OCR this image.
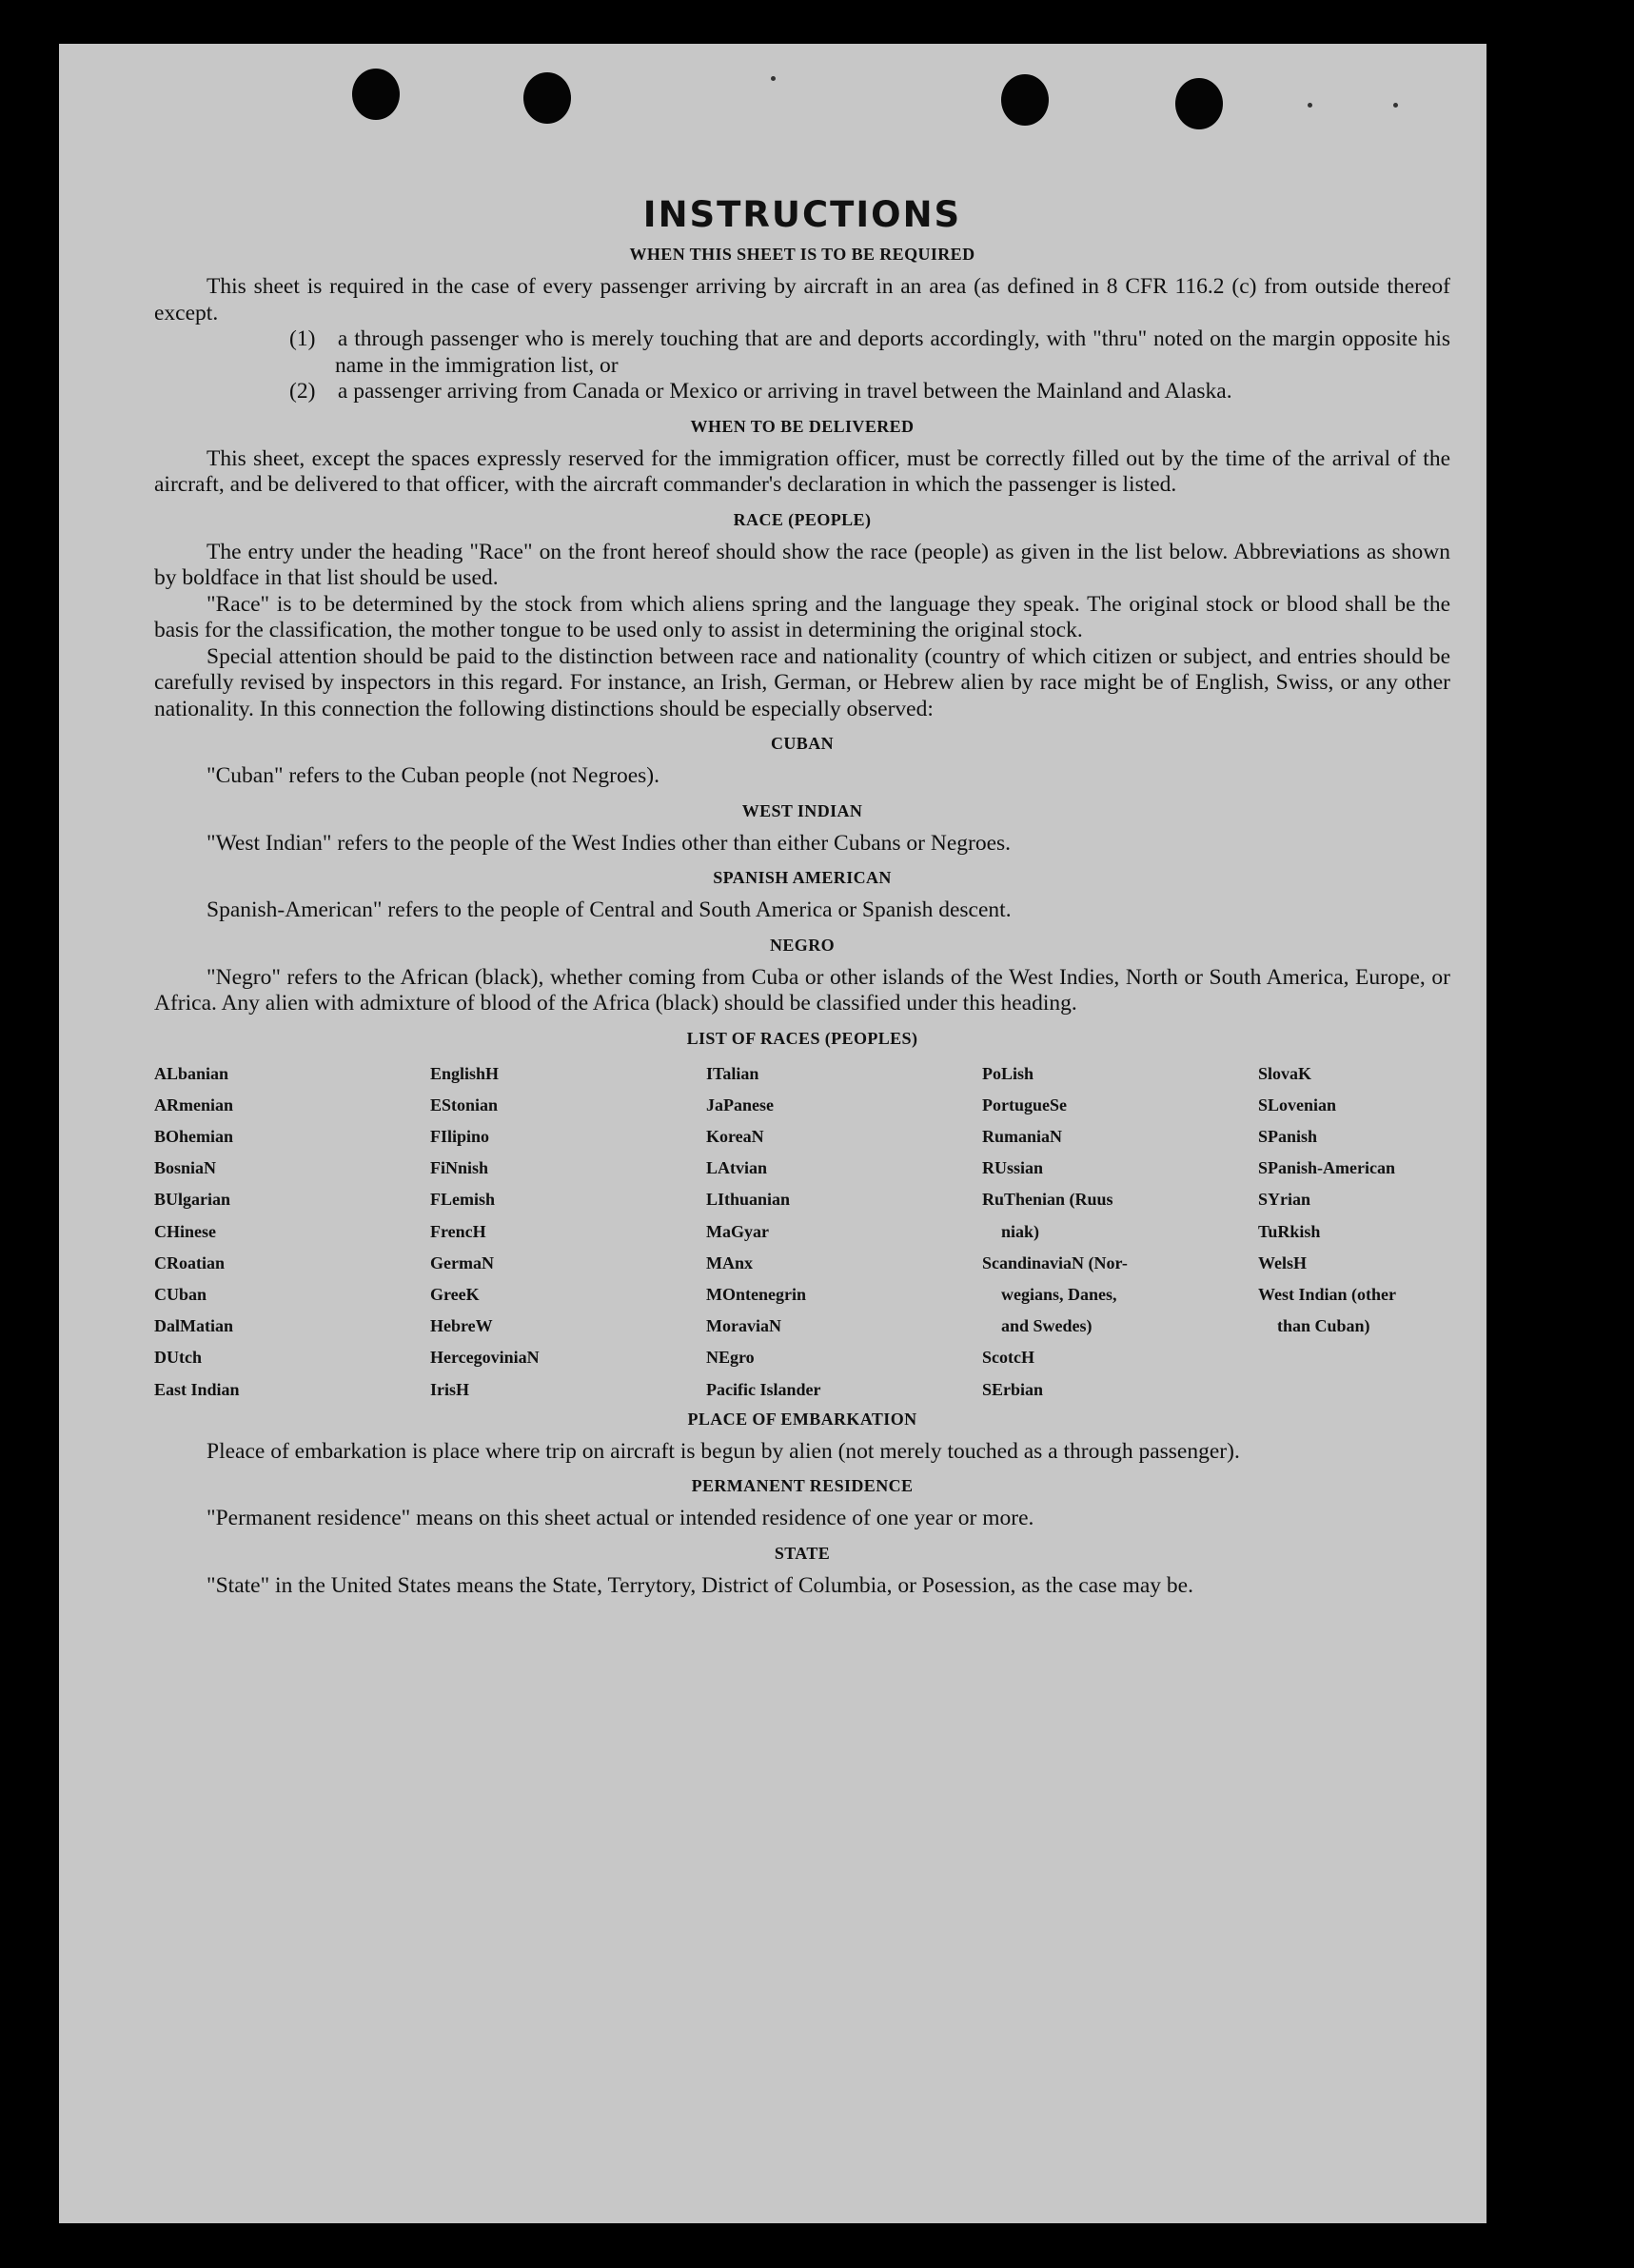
INSTRUCTIONS
WHEN THIS SHEET IS TO BE REQUIRED

This sheet is required in the case of every passenger arriving by aircraft in an area (as defined in 8 CFR 116.2 (c) from outside thereof except.

(1) a through passenger who is merely touching that are and deports accordingly, with "thru" noted on the margin opposite his name in the immigration list, or

(2) a passenger arriving from Canada or Mexico or arriving in travel between the Mainland and Alaska.

WHEN TO BE DELIVERED

This sheet, except the spaces expressly reserved for the immigration officer, must be correctly filled out by the time of the arrival of the aircraft, and be delivered to that officer, with the aircraft commander's declaration in which the passenger is listed.

RACE (PEOPLE)

The entry under the heading "Race" on the front hereof should show the race (people) as given in the list below. Abbreviations as shown by boldface in that list should be used.

"Race" is to be determined by the stock from which aliens spring and the language they speak. The original stock or blood shall be the basis for the classification, the mother tongue to be used only to assist in determining the original stock.

Special attention should be paid to the distinction between race and nationality (country of which citizen or subject, and entries should be carefully revised by inspectors in this regard. For instance, an Irish, German, or Hebrew alien by race might be of English, Swiss, or any other nationality. In this connection the following distinctions should be especially observed:

CUBAN

"Cuban" refers to the Cuban people (not Negroes).

WEST INDIAN

"West Indian" refers to the people of the West Indies other than either Cubans or Negroes.

SPANISH AMERICAN

Spanish-American" refers to the people of Central and South America or Spanish descent.

NEGRO

"Negro" refers to the African (black), whether coming from Cuba or other islands of the West Indies, North or South America, Europe, or Africa. Any alien with admixture of blood of the Africa (black) should be classified under this heading.

LIST OF RACES (PEOPLES)
ALbanian
ARmenian
BOhemian
BosniaN
BUlgarian
CHinese
CRoatian
CUban
DalMatian
DUtch
East Indian
EnglishH
EStonian
FIlipino
FiNnish
FLemish
FrencH
GermaN
GreeK
HebreW
HercegoviniaN
IrisH
ITalian
JaPanese
KoreaN
LAtvian
LIthuanian
MaGyar
MAnx
MOntenegrin
MoraviaN
NEgro
Pacific Islander
PoLish
PortugueSe
RumaniaN
RUssian
RuThenian (Ruus
niak)
ScandinaviaN (Nor-
wegians, Danes,
and Swedes)
ScotcH
SErbian
SlovaK
SLovenian
SPanish
SPanish-American
SYrian
TuRkish
WelsH
West Indian (other
than Cuban)
PLACE OF EMBARKATION

Pleace of embarkation is place where trip on aircraft is begun by alien (not merely touched as a through passenger).

PERMANENT RESIDENCE

"Permanent residence" means on this sheet actual or intended residence of one year or more.

STATE

"State" in the United States means the State, Terrytory, District of Columbia, or Posession, as the case may be.
